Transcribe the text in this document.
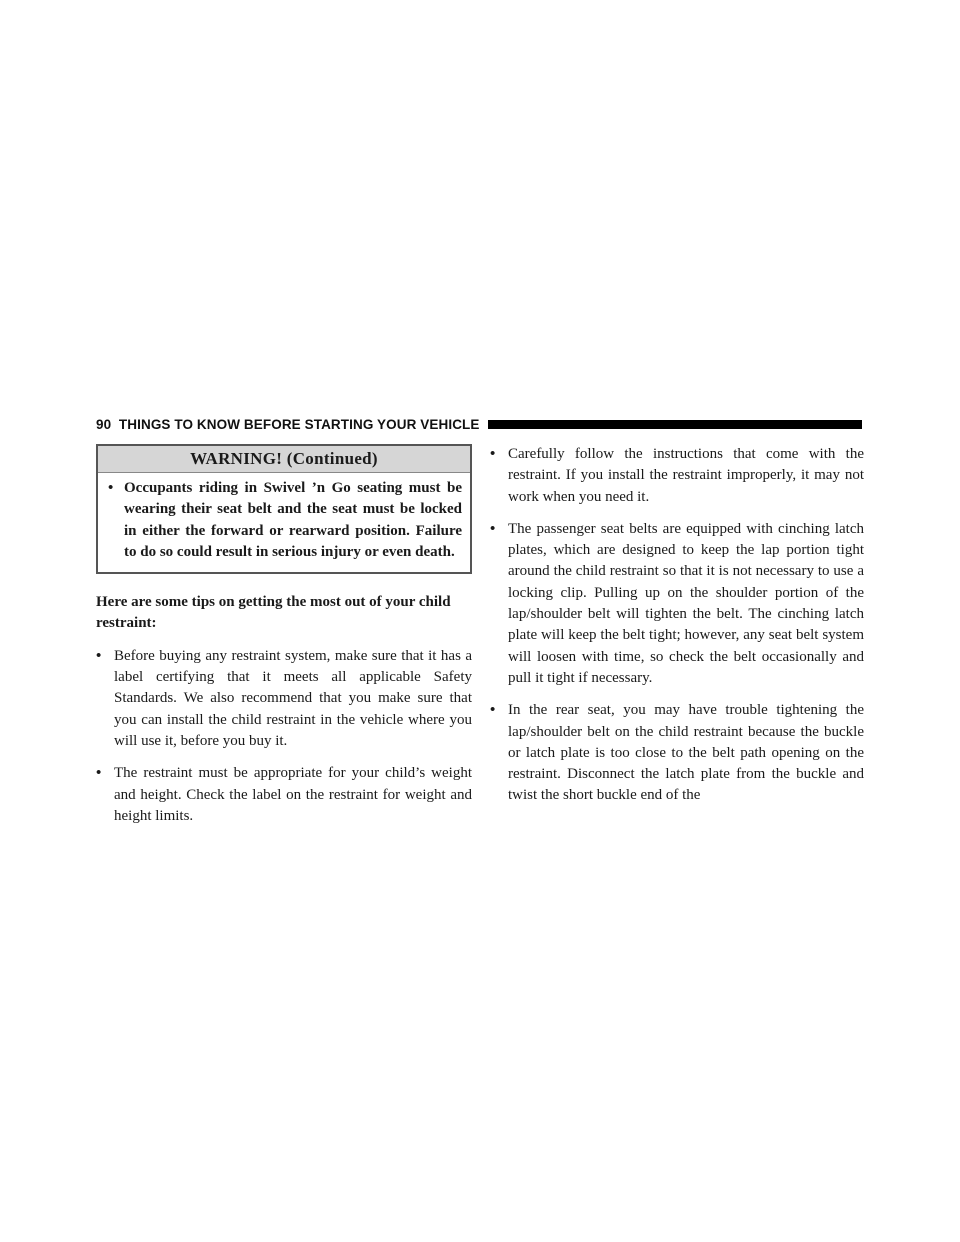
90 THINGS TO KNOW BEFORE STARTING YOUR VEHICLE
WARNING! (Continued)
• Occupants riding in Swivel ’n Go seating must be wearing their seat belt and the seat must be locked in either the forward or rearward position. Failure to do so could result in serious injury or even death.

Here are some tips on getting the most out of your child restraint:

• Before buying any restraint system, make sure that it has a label certifying that it meets all applicable Safety Standards. We also recommend that you make sure that you can install the child restraint in the vehicle where you will use it, before you buy it.
• The restraint must be appropriate for your child’s weight and height. Check the label on the restraint for weight and height limits.
• Carefully follow the instructions that come with the restraint. If you install the restraint improperly, it may not work when you need it.
• The passenger seat belts are equipped with cinching latch plates, which are designed to keep the lap portion tight around the child restraint so that it is not necessary to use a locking clip. Pulling up on the shoulder portion of the lap/shoulder belt will tighten the belt. The cinching latch plate will keep the belt tight; however, any seat belt system will loosen with time, so check the belt occasionally and pull it tight if necessary.
• In the rear seat, you may have trouble tightening the lap/shoulder belt on the child restraint because the buckle or latch plate is too close to the belt path opening on the restraint. Disconnect the latch plate from the buckle and twist the short buckle end of the
